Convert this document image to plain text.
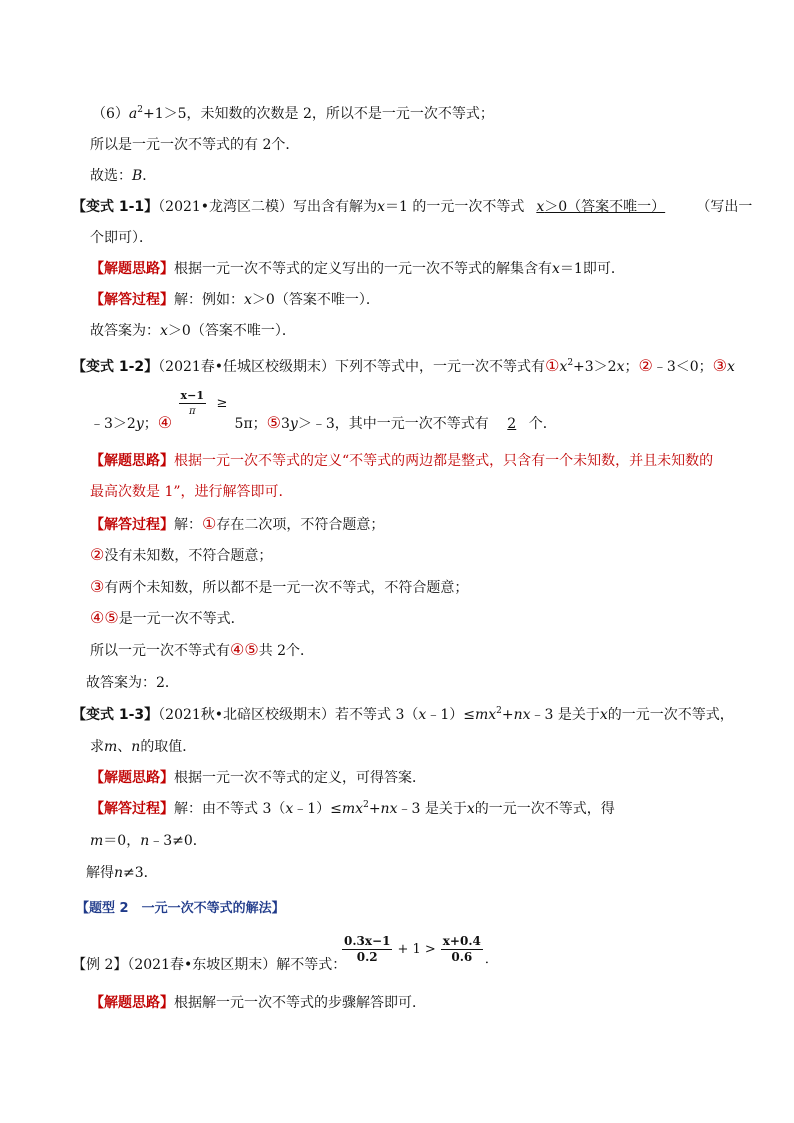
$(6)a^2+1>5$，未知数的次数是 2，所以不是一元一次不等式；
所以是一元一次不等式的有 2个．
故选：B．
【变式 1-1】（2021•龙湾区二模）写出含有解为x＝1 的一元一次不等式 x＞0（答案不唯一） （写出一
个即可）．
【解题思路】根据一元一次不等式的定义写出的一元一次不等式的解集含有x＝1即可．
【解答过程】解：例如：x＞0（答案不唯一）．
故答案为：x＞0（答案不唯一）．
【变式 1-2】（2021春•任城区校级期末）下列不等式中，一元一次不等式有$①x^2+3>2x$；②﹣3＜0；③x
﹣3＞2y；④
$\frac{x-1}{\pi}$ ≥
5π；⑤3y＞﹣3，其中一元一次不等式有 2 个．
【解题思路】根据一元一次不等式的定义“不等式的两边都是整式，只含有一个未知数，并且未知数的
最高次数是 1”，进行解答即可.
【解答过程】解：①存在二次项，不符合题意；
②没有未知数，不符合题意；
③有两个未知数，所以都不是一元一次不等式，不符合题意；
④⑤是一元一次不等式．
所以一元一次不等式有④⑤共 2个．
故答案为：2．
【变式 1-3】（2021秋•北碚区校级期末）若不等式 $3(x﹣1)\le mx^2+nx﹣3$ 是关于x的一元一次不等式，
求m、n的取值．
【解题思路】根据一元一次不等式的定义，可得答案．
【解答过程】解：由不等式 $3(x﹣1)\le mx^2+nx﹣3$ 是关于x的一元一次不等式，得
m＝0，n﹣3≠0．
解得n≠3．
【题型 2　一元一次不等式的解法】
【例 2】（2021春•东坡区期末）解不等式：
$\frac{0.3x-1}{0.2} + 1 > \frac{x+0.4}{0.6}$ ．
【解题思路】根据解一元一次不等式的步骤解答即可．
